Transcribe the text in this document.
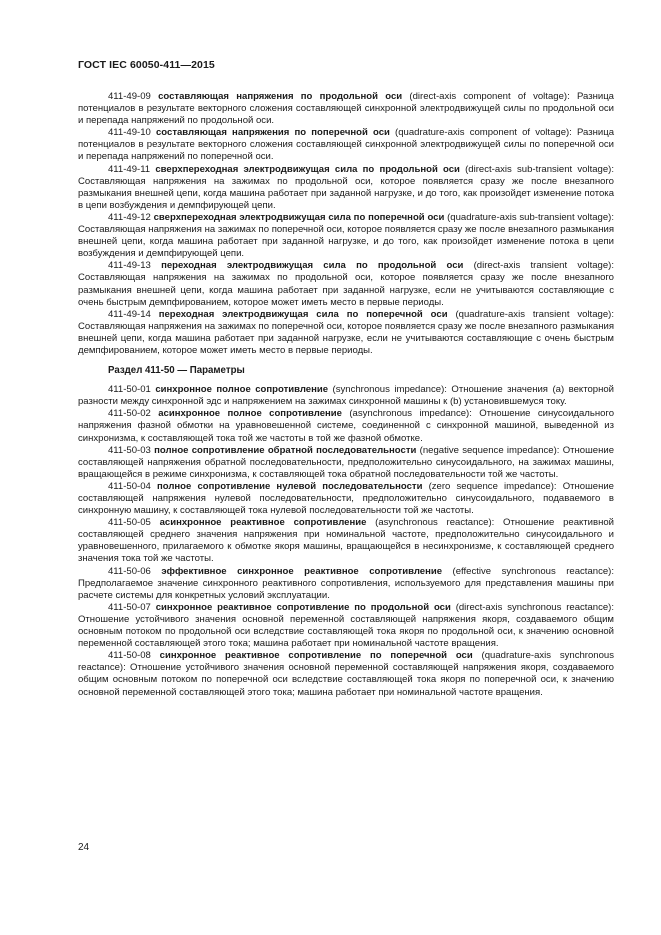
ГОСТ IEC 60050-411—2015

411-49-09 составляющая напряжения по продольной оси (direct-axis component of voltage): Разница потенциалов в результате векторного сложения составляющей синхронной электродвижущей силы по продольной оси и перепада напряжений по продольной оси.

411-49-10 составляющая напряжения по поперечной оси (quadrature-axis component of voltage): Разница потенциалов в результате векторного сложения составляющей синхронной электродвижущей силы по поперечной оси и перепада напряжений по поперечной оси.

411-49-11 сверхпереходная электродвижущая сила по продольной оси (direct-axis sub-transient voltage): Составляющая напряжения на зажимах по продольной оси, которое появляется сразу же после внезапного размыкания внешней цепи, когда машина работает при заданной нагрузке, и до того, как произойдет изменение потока в цепи возбуждения и демпфирующей цепи.

411-49-12 сверхпереходная электродвижущая сила по поперечной оси (quadrature-axis sub-transient voltage): Составляющая напряжения на зажимах по поперечной оси, которое появляется сразу же после внезапного размыкания внешней цепи, когда машина работает при заданной нагрузке, и до того, как произойдет изменение потока в цепи возбуждения и демпфирующей цепи.

411-49-13 переходная электродвижущая сила по продольной оси (direct-axis transient voltage): Составляющая напряжения на зажимах по продольной оси, которое появляется сразу же после внезапного размыкания внешней цепи, когда машина работает при заданной нагрузке, если не учитываются составляющие с очень быстрым демпфированием, которое может иметь место в первые периоды.

411-49-14 переходная электродвижущая сила по поперечной оси (quadrature-axis transient voltage): Составляющая напряжения на зажимах по поперечной оси, которое появляется сразу же после внезапного размыкания внешней цепи, когда машина работает при заданной нагрузке, если не учитываются составляющие с очень быстрым демпфированием, которое может иметь место в первые периоды.

Раздел 411-50 — Параметры

411-50-01 синхронное полное сопротивление (synchronous impedance): Отношение значения (a) векторной разности между синхронной эдс и напряжением на зажимах синхронной машины к (b) установившемуся току.

411-50-02 асинхронное полное сопротивление (asynchronous impedance): Отношение синусоидального напряжения фазной обмотки на уравновешенной системе, соединенной с синхронной машиной, выведенной из синхронизма, к составляющей тока той же частоты в той же фазной обмотке.

411-50-03 полное сопротивление обратной последовательности (negative sequence impedance): Отношение составляющей напряжения обратной последовательности, предположительно синусоидального, на зажимах машины, вращающейся в режиме синхронизма, к составляющей тока обратной последовательности той же частоты.

411-50-04 полное сопротивление нулевой последовательности (zero sequence impedance): Отношение составляющей напряжения нулевой последовательности, предположительно синусоидального, подаваемого в синхронную машину, к составляющей тока нулевой последовательности той же частоты.

411-50-05 асинхронное реактивное сопротивление (asynchronous reactance): Отношение реактивной составляющей среднего значения напряжения при номинальной частоте, предположительно синусоидального и уравновешенного, прилагаемого к обмотке якоря машины, вращающейся в несинхронизме, к составляющей среднего значения тока той же частоты.

411-50-06 эффективное синхронное реактивное сопротивление (effective synchronous reactance): Предполагаемое значение синхронного реактивного сопротивления, используемого для представления машины при расчете системы для конкретных условий эксплуатации.

411-50-07 синхронное реактивное сопротивление по продольной оси (direct-axis synchronous reactance): Отношение устойчивого значения основной переменной составляющей напряжения якоря, создаваемого общим основным потоком по продольной оси вследствие составляющей тока якоря по продольной оси, к значению основной переменной составляющей этого тока; машина работает при номинальной частоте вращения.

411-50-08 синхронное реактивное сопротивление по поперечной оси (quadrature-axis synchronous reactance): Отношение устойчивого значения основной переменной составляющей напряжения якоря, создаваемого общим основным потоком по поперечной оси вследствие составляющей тока якоря по поперечной оси, к значению основной переменной составляющей этого тока; машина работает при номинальной частоте вращения.

24
